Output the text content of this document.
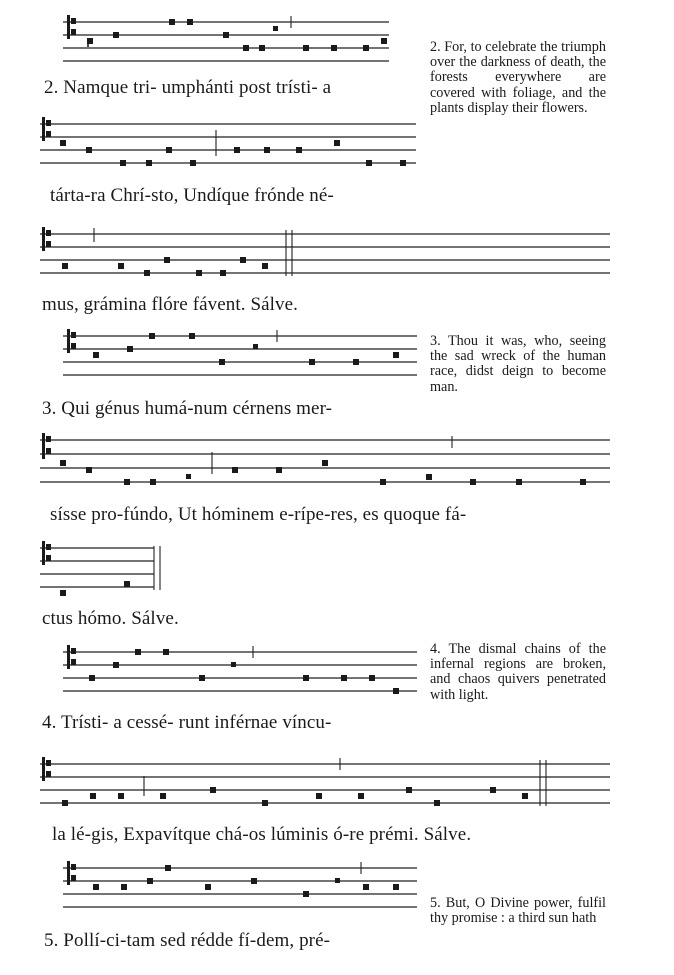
2. Namque tri- umphánti post trísti- a

tárta-ra Chrí-sto, Undíque frónde né-

mus, grámina flóre fávent. Sálve.

2. For, to celebrate the triumph over the darkness of death, the forests everywhere are covered with foliage, and the plants display their flowers.

3. Qui génus humá-num cérnens mer-

3. Thou it was, who, seeing the sad wreck of the human race, didst deign to become man.

sísse pro-fúndo, Ut hóminem e-rípe-res, es quoque fá-

ctus hómo. Sálve.

4. Trísti- a cessé- runt inférnae víncu-

4. The dismal chains of the infernal regions are broken, and chaos quivers penetrated with light.

la lé-gis, Expavítque chá-os lúminis ó-re prémi. Sálve.

5. Pollí-ci-tam sed rédde fí-dem, pré-

5. But, O Divine power, fulfil thy promise : a third sun hath
